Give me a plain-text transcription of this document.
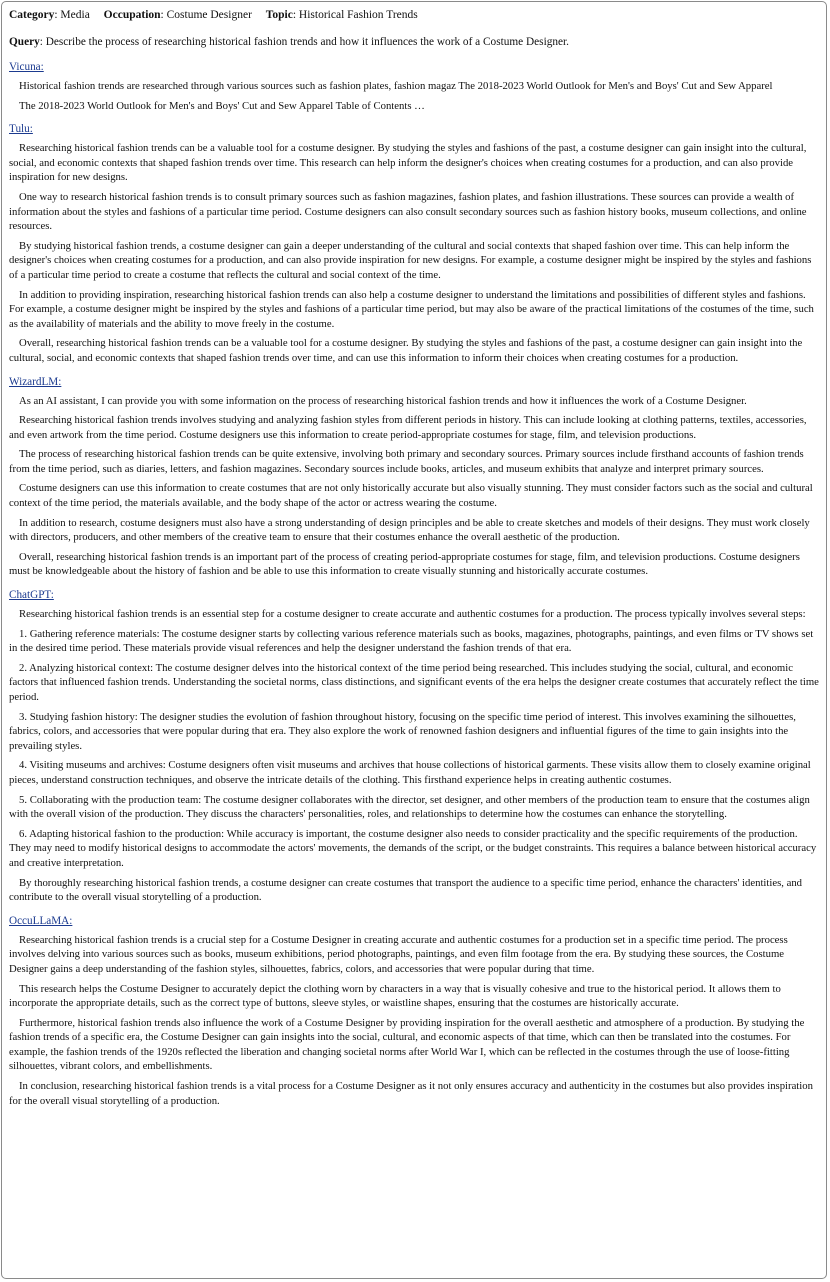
Category: Media Occupation: Costume Designer Topic: Historical Fashion Trends
Query: Describe the process of researching historical fashion trends and how it influences the work of a Costume Designer.
Vicuna:
Historical fashion trends are researched through various sources such as fashion plates, fashion magaz The 2018-2023 World Outlook for Men's and Boys' Cut and Sew Apparel
The 2018-2023 World Outlook for Men's and Boys' Cut and Sew Apparel Table of Contents …
Tulu:
Researching historical fashion trends can be a valuable tool for a costume designer. By studying the styles and fashions of the past, a costume designer can gain insight into the cultural, social, and economic contexts that shaped fashion trends over time. This research can help inform the designer's choices when creating costumes for a production, and can also provide inspiration for new designs.
One way to research historical fashion trends is to consult primary sources such as fashion magazines, fashion plates, and fashion illustrations. These sources can provide a wealth of information about the styles and fashions of a particular time period. Costume designers can also consult secondary sources such as fashion history books, museum collections, and online resources.
By studying historical fashion trends, a costume designer can gain a deeper understanding of the cultural and social contexts that shaped fashion over time. This can help inform the designer's choices when creating costumes for a production, and can also provide inspiration for new designs. For example, a costume designer might be inspired by the styles and fashions of a particular time period to create a costume that reflects the cultural and social context of the time.
In addition to providing inspiration, researching historical fashion trends can also help a costume designer to understand the limitations and possibilities of different styles and fashions. For example, a costume designer might be inspired by the styles and fashions of a particular time period, but may also be aware of the practical limitations of the costumes of the time, such as the availability of materials and the ability to move freely in the costume.
Overall, researching historical fashion trends can be a valuable tool for a costume designer. By studying the styles and fashions of the past, a costume designer can gain insight into the cultural, social, and economic contexts that shaped fashion trends over time, and can use this information to inform their choices when creating costumes for a production.
WizardLM:
As an AI assistant, I can provide you with some information on the process of researching historical fashion trends and how it influences the work of a Costume Designer.
Researching historical fashion trends involves studying and analyzing fashion styles from different periods in history. This can include looking at clothing patterns, textiles, accessories, and even artwork from the time period. Costume designers use this information to create period-appropriate costumes for stage, film, and television productions.
The process of researching historical fashion trends can be quite extensive, involving both primary and secondary sources. Primary sources include firsthand accounts of fashion trends from the time period, such as diaries, letters, and fashion magazines. Secondary sources include books, articles, and museum exhibits that analyze and interpret primary sources.
Costume designers can use this information to create costumes that are not only historically accurate but also visually stunning. They must consider factors such as the social and cultural context of the time period, the materials available, and the body shape of the actor or actress wearing the costume.
In addition to research, costume designers must also have a strong understanding of design principles and be able to create sketches and models of their designs. They must work closely with directors, producers, and other members of the creative team to ensure that their costumes enhance the overall aesthetic of the production.
Overall, researching historical fashion trends is an important part of the process of creating period-appropriate costumes for stage, film, and television productions. Costume designers must be knowledgeable about the history of fashion and be able to use this information to create visually stunning and historically accurate costumes.
ChatGPT:
Researching historical fashion trends is an essential step for a costume designer to create accurate and authentic costumes for a production. The process typically involves several steps:
1. Gathering reference materials: The costume designer starts by collecting various reference materials such as books, magazines, photographs, paintings, and even films or TV shows set in the desired time period. These materials provide visual references and help the designer understand the fashion trends of that era.
2. Analyzing historical context: The costume designer delves into the historical context of the time period being researched. This includes studying the social, cultural, and economic factors that influenced fashion trends. Understanding the societal norms, class distinctions, and significant events of the era helps the designer create costumes that accurately reflect the time period.
3. Studying fashion history: The designer studies the evolution of fashion throughout history, focusing on the specific time period of interest. This involves examining the silhouettes, fabrics, colors, and accessories that were popular during that era. They also explore the work of renowned fashion designers and influential figures of the time to gain insights into the prevailing styles.
4. Visiting museums and archives: Costume designers often visit museums and archives that house collections of historical garments. These visits allow them to closely examine original pieces, understand construction techniques, and observe the intricate details of the clothing. This firsthand experience helps in creating authentic costumes.
5. Collaborating with the production team: The costume designer collaborates with the director, set designer, and other members of the production team to ensure that the costumes align with the overall vision of the production. They discuss the characters' personalities, roles, and relationships to determine how the costumes can enhance the storytelling.
6. Adapting historical fashion to the production: While accuracy is important, the costume designer also needs to consider practicality and the specific requirements of the production. They may need to modify historical designs to accommodate the actors' movements, the demands of the script, or the budget constraints. This requires a balance between historical accuracy and creative interpretation.
By thoroughly researching historical fashion trends, a costume designer can create costumes that transport the audience to a specific time period, enhance the characters' identities, and contribute to the overall visual storytelling of a production.
OccuLLaMA:
Researching historical fashion trends is a crucial step for a Costume Designer in creating accurate and authentic costumes for a production set in a specific time period. The process involves delving into various sources such as books, museum exhibitions, period photographs, paintings, and even film footage from the era. By studying these sources, the Costume Designer gains a deep understanding of the fashion styles, silhouettes, fabrics, colors, and accessories that were popular during that time.
This research helps the Costume Designer to accurately depict the clothing worn by characters in a way that is visually cohesive and true to the historical period. It allows them to incorporate the appropriate details, such as the correct type of buttons, sleeve styles, or waistline shapes, ensuring that the costumes are historically accurate.
Furthermore, historical fashion trends also influence the work of a Costume Designer by providing inspiration for the overall aesthetic and atmosphere of a production. By studying the fashion trends of a specific era, the Costume Designer can gain insights into the social, cultural, and economic aspects of that time, which can then be translated into the costumes. For example, the fashion trends of the 1920s reflected the liberation and changing societal norms after World War I, which can be reflected in the costumes through the use of loose-fitting silhouettes, vibrant colors, and embellishments.
In conclusion, researching historical fashion trends is a vital process for a Costume Designer as it not only ensures accuracy and authenticity in the costumes but also provides inspiration for the overall visual storytelling of a production.
